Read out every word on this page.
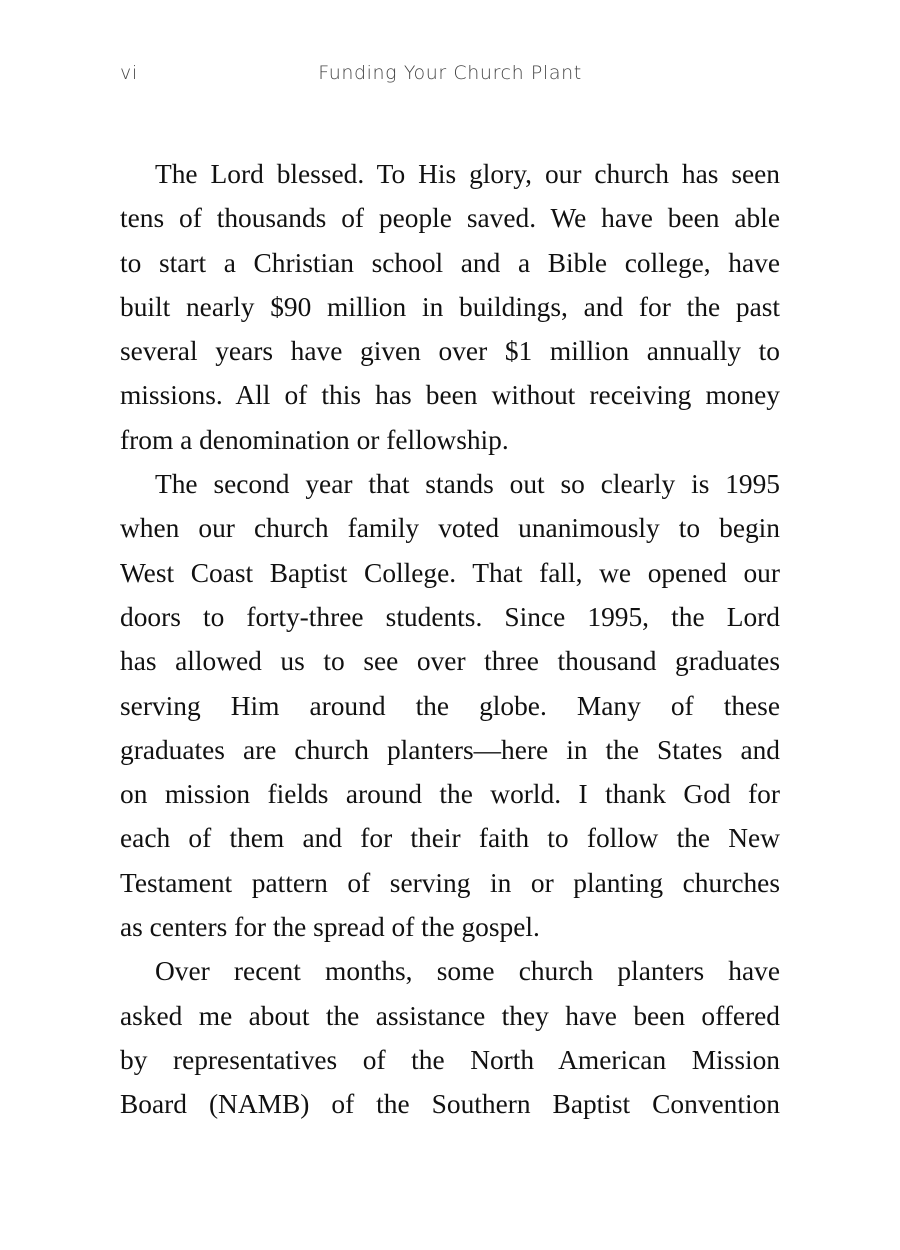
vi	Funding Your Church Plant

The Lord blessed. To His glory, our church has seen
tens of thousands of people saved. We have been able
to start a Christian school and a Bible college, have
built nearly $90 million in buildings, and for the past
several years have given over $1 million annually to
missions. All of this has been without receiving money
from a denomination or fellowship.

The second year that stands out so clearly is 1995
when our church family voted unanimously to begin
West Coast Baptist College. That fall, we opened our
doors to forty-three students. Since 1995, the Lord
has allowed us to see over three thousand graduates
serving Him around the globe. Many of these
graduates are church planters—here in the States and
on mission fields around the world. I thank God for
each of them and for their faith to follow the New
Testament pattern of serving in or planting churches
as centers for the spread of the gospel.

Over recent months, some church planters have
asked me about the assistance they have been offered
by representatives of the North American Mission
Board (NAMB) of the Southern Baptist Convention
